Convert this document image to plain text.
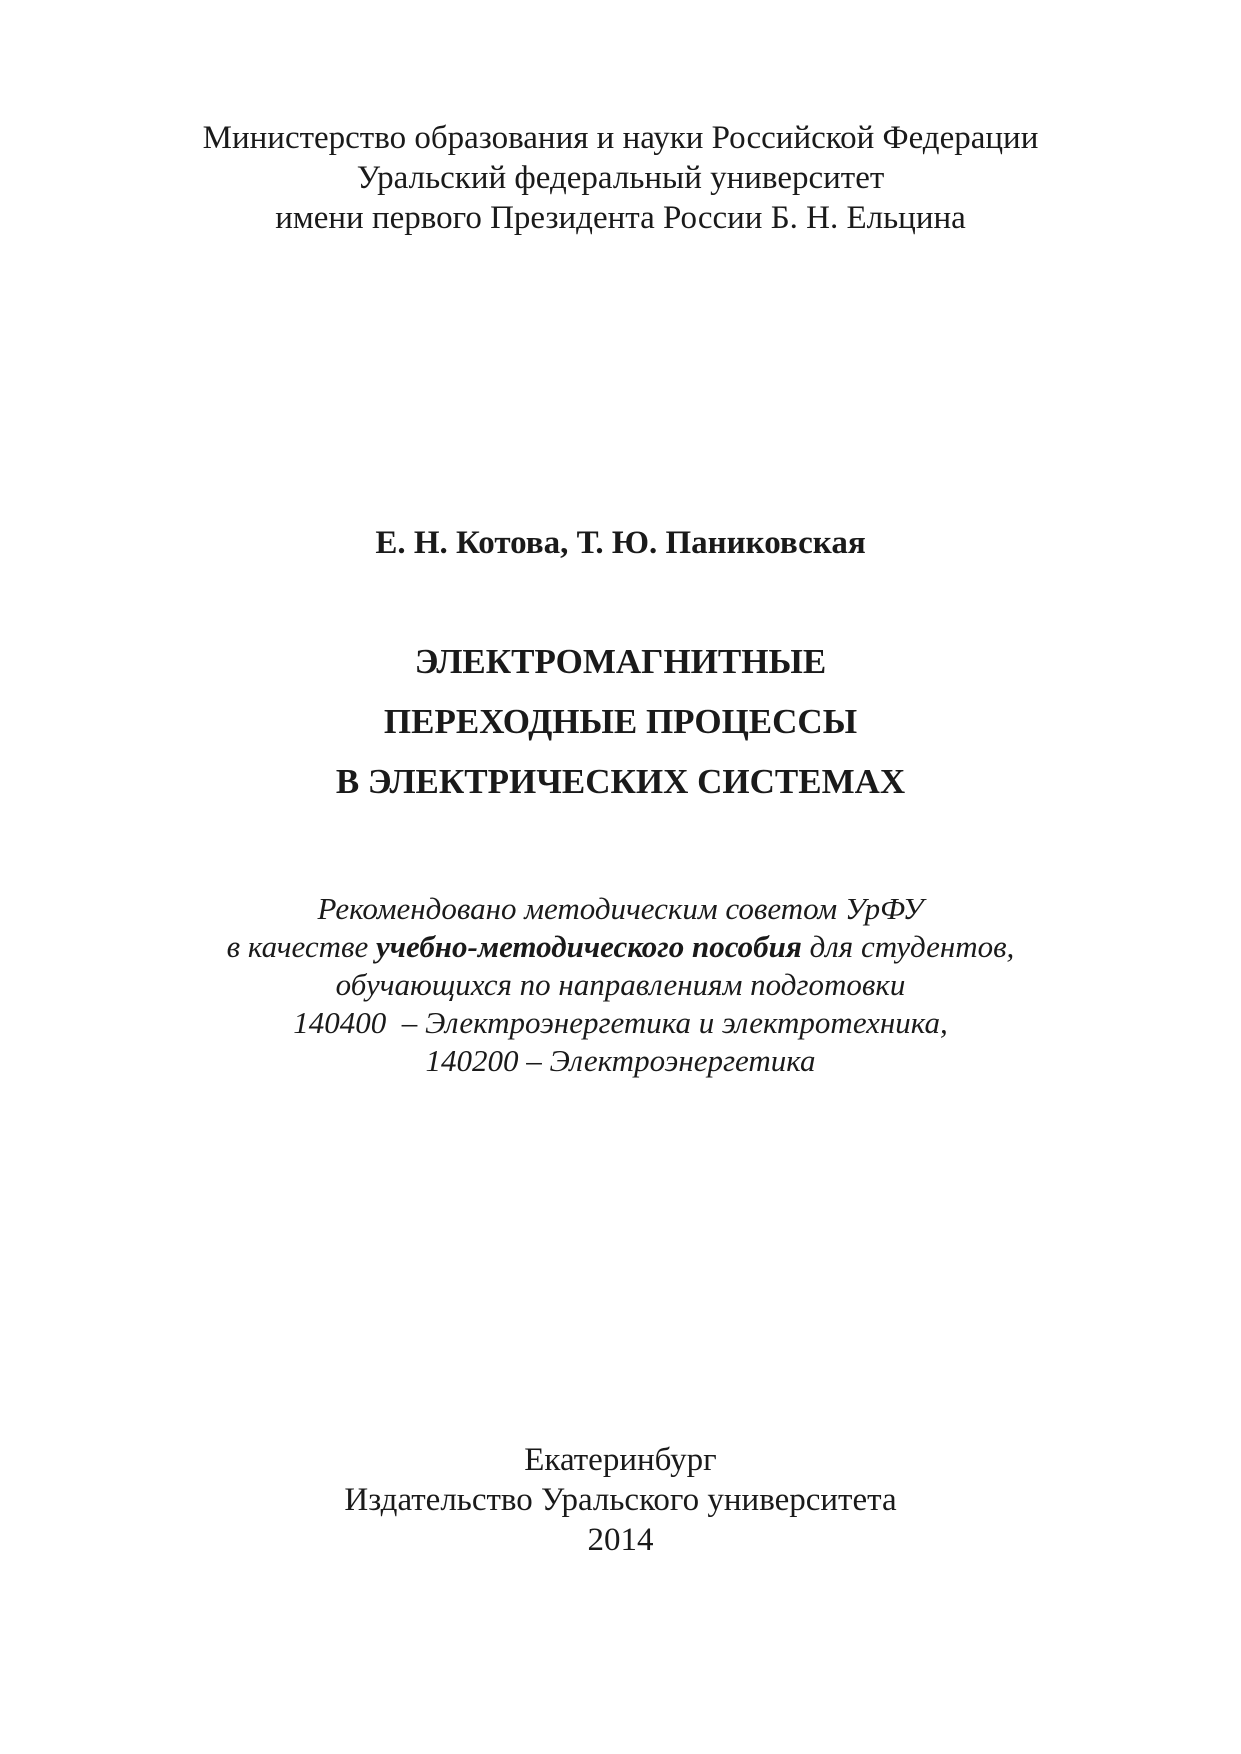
Министерство образования и науки Российской Федерации
Уральский федеральный университет
имени первого Президента России Б. Н. Ельцина
Е. Н. Котова, Т. Ю. Паниковская
ЭЛЕКТРОМАГНИТНЫЕ
ПЕРЕХОДНЫЕ ПРОЦЕССЫ
В ЭЛЕКТРИЧЕСКИХ СИСТЕМАХ
Рекомендовано методическим советом УрФУ
в качестве учебно-методического пособия для студентов,
обучающихся по направлениям подготовки
140400  – Электроэнергетика и электротехника,
140200 – Электроэнергетика
Екатеринбург
Издательство Уральского университета
2014
